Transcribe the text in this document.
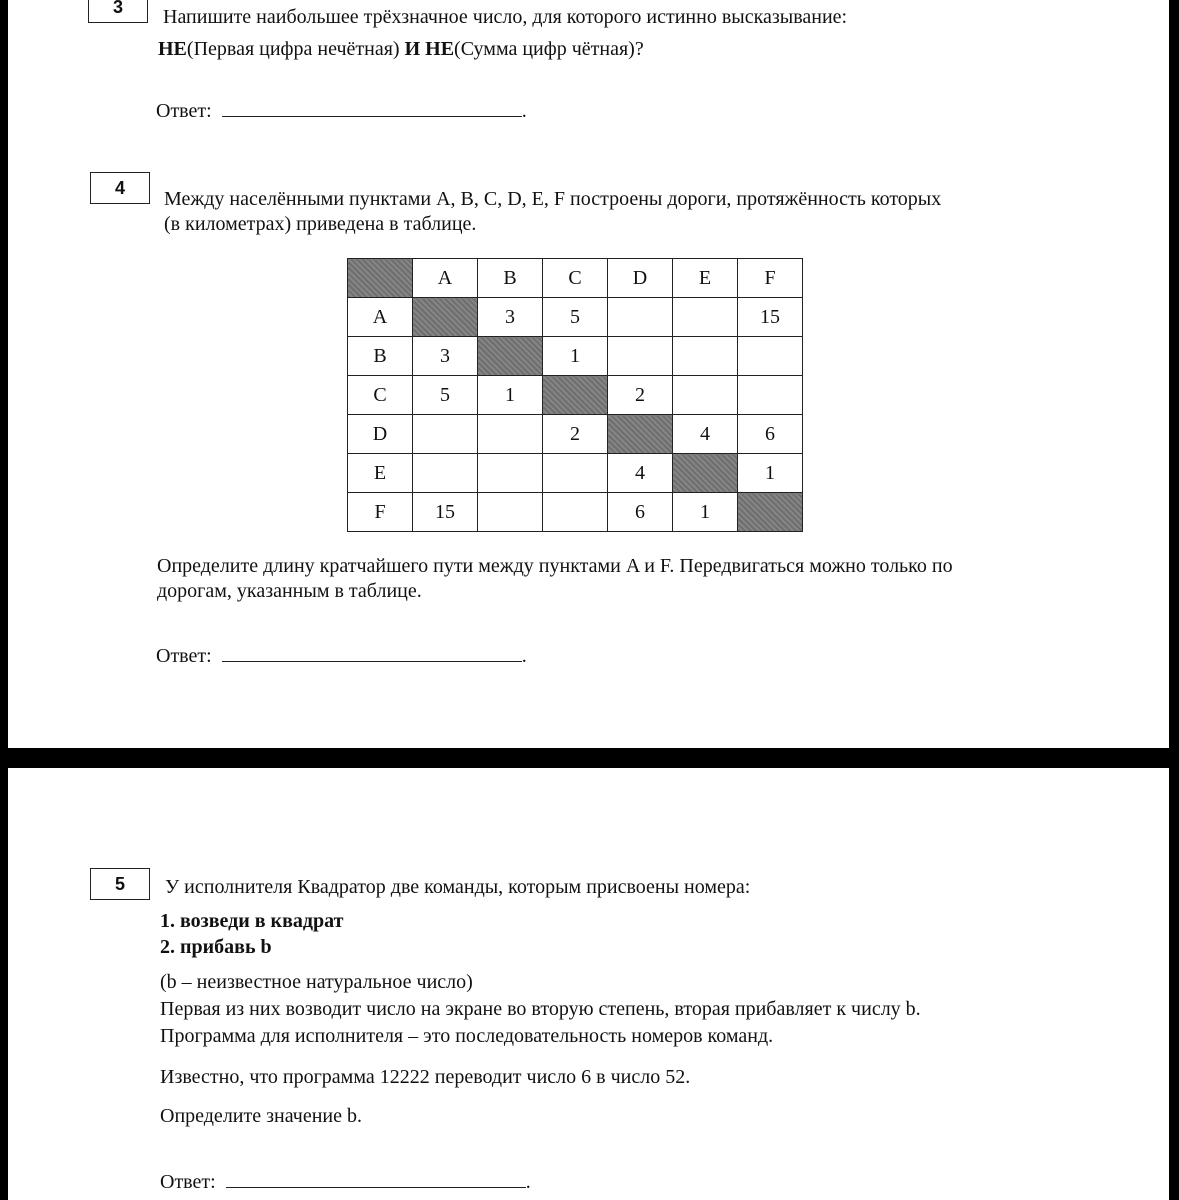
3	Напишите наибольшее трёхзначное число, для которого истинно высказывание:
НЕ(Первая цифра нечётная) И НЕ(Сумма цифр чётная)?
Ответ:	.
4	Между населёнными пунктами A, B, C, D, E, F построены дороги, протяжённость которых
(в километрах) приведена в таблице.
	A	B	C	D	E	F
A		3	5			15
B	3		1			
C	5	1		2		
D			2		4	6
E				4		1
F	15			6	1	
Определите длину кратчайшего пути между пунктами A и F. Передвигаться можно только по
дорогам, указанным в таблице.
Ответ:	.
5	У исполнителя Квадратор две команды, которым присвоены номера:
1. возведи в квадрат
2. прибавь b
(b – неизвестное натуральное число)
Первая из них возводит число на экране во вторую степень, вторая прибавляет к числу b.
Программа для исполнителя – это последовательность номеров команд.
Известно, что программа 12222 переводит число 6 в число 52.
Определите значение b.
Ответ:	.
